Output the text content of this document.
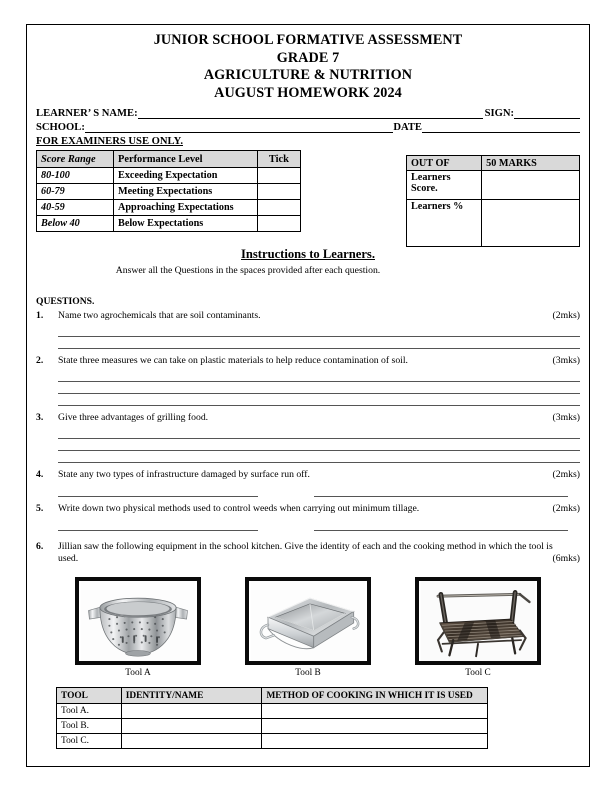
JUNIOR SCHOOL FORMATIVE ASSESSMENT
GRADE 7
AGRICULTURE & NUTRITION
AUGUST HOMEWORK 2024
LEARNER’ S NAME:	SIGN:
SCHOOL:	DATE
FOR EXAMINERS USE ONLY.
Score Range	Performance Level	Tick
80-100	Exceeding Expectation	
60-79	Meeting Expectations	
40-59	Approaching Expectations	
Below 40	Below Expectations	
OUT OF	50 MARKS
Learners Score.	
Learners %	
Instructions to Learners.
Answer all the Questions in the spaces provided after each question.
QUESTIONS.
1.	Name two agrochemicals that are soil contaminants.	(2mks)
2.	State three measures we can take on plastic materials to help reduce contamination of soil.	(3mks)
3.	Give three advantages of grilling food.	(3mks)
4.	State any two types of infrastructure damaged by surface run off.	(2mks)
5.	Write down two physical methods used to control weeds when carrying out minimum tillage.	(2mks)
6.	Jillian saw the following equipment in the school kitchen. Give the identity of each and the cooking method in which the tool is used.	(6mks)
Tool A	Tool B	Tool C
TOOL	IDENTITY/NAME	METHOD OF COOKING IN WHICH IT IS USED
Tool A.		
Tool B.		
Tool C.		
